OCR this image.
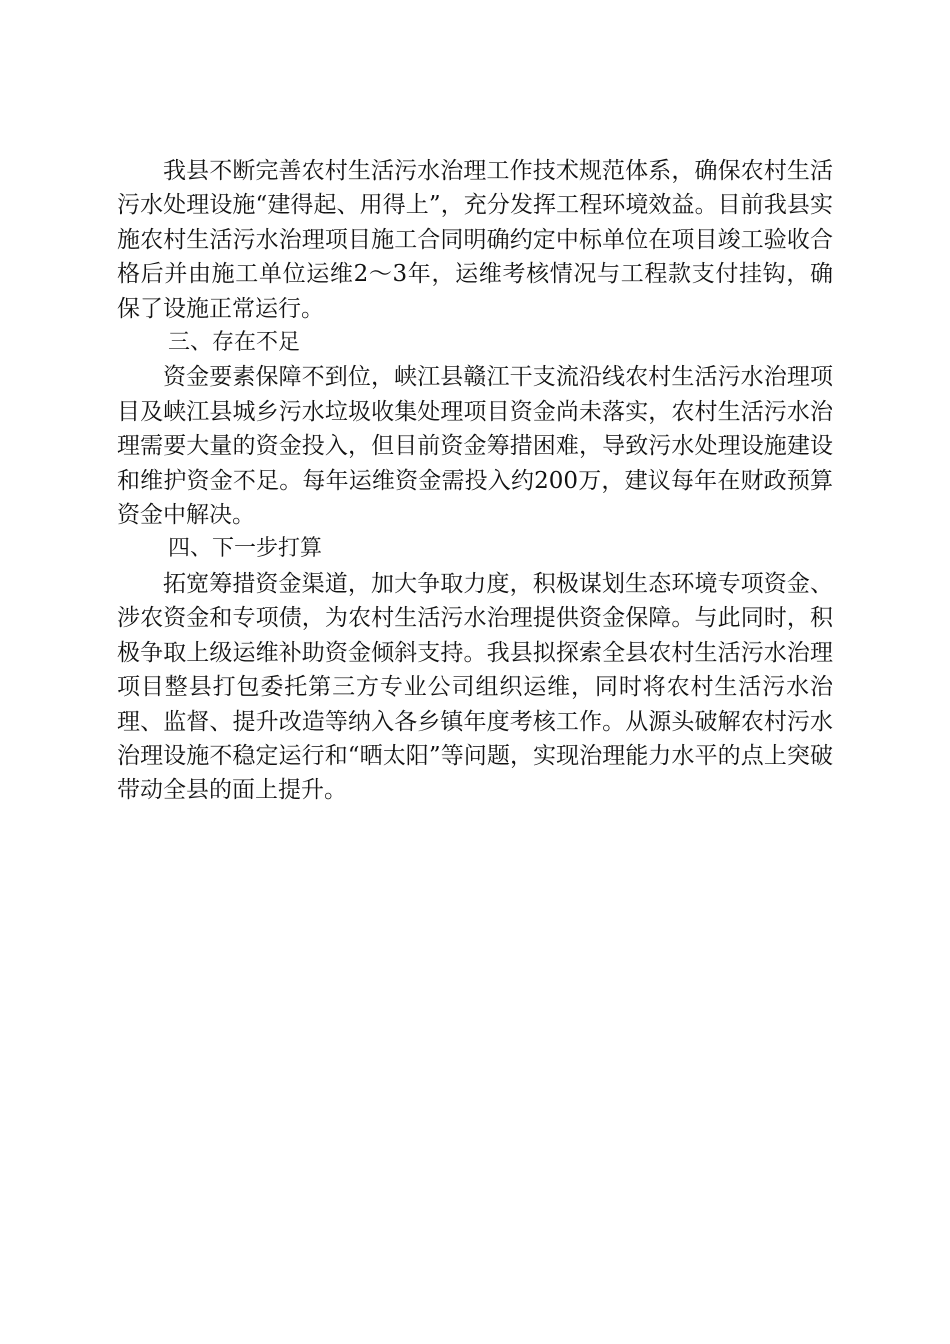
我县不断完善农村生活污水治理工作技术规范体系，确保农村生活污水处理设施“建得起、用得上”，充分发挥工程环境效益。目前我县实施农村生活污水治理项目施工合同明确约定中标单位在项目竣工验收合格后并由施工单位运维2～3年，运维考核情况与工程款支付挂钩，确保了设施正常运行。

三、存在不足

资金要素保障不到位，峡江县赣江干支流沿线农村生活污水治理项目及峡江县城乡污水垃圾收集处理项目资金尚未落实，农村生活污水治理需要大量的资金投入，但目前资金筹措困难，导致污水处理设施建设和维护资金不足。每年运维资金需投入约200万，建议每年在财政预算资金中解决。

四、下一步打算

拓宽筹措资金渠道，加大争取力度，积极谋划生态环境专项资金、涉农资金和专项债，为农村生活污水治理提供资金保障。与此同时，积极争取上级运维补助资金倾斜支持。我县拟探索全县农村生活污水治理项目整县打包委托第三方专业公司组织运维，同时将农村生活污水治理、监督、提升改造等纳入各乡镇年度考核工作。从源头破解农村污水治理设施不稳定运行和“晒太阳”等问题，实现治理能力水平的点上突破带动全县的面上提升。
